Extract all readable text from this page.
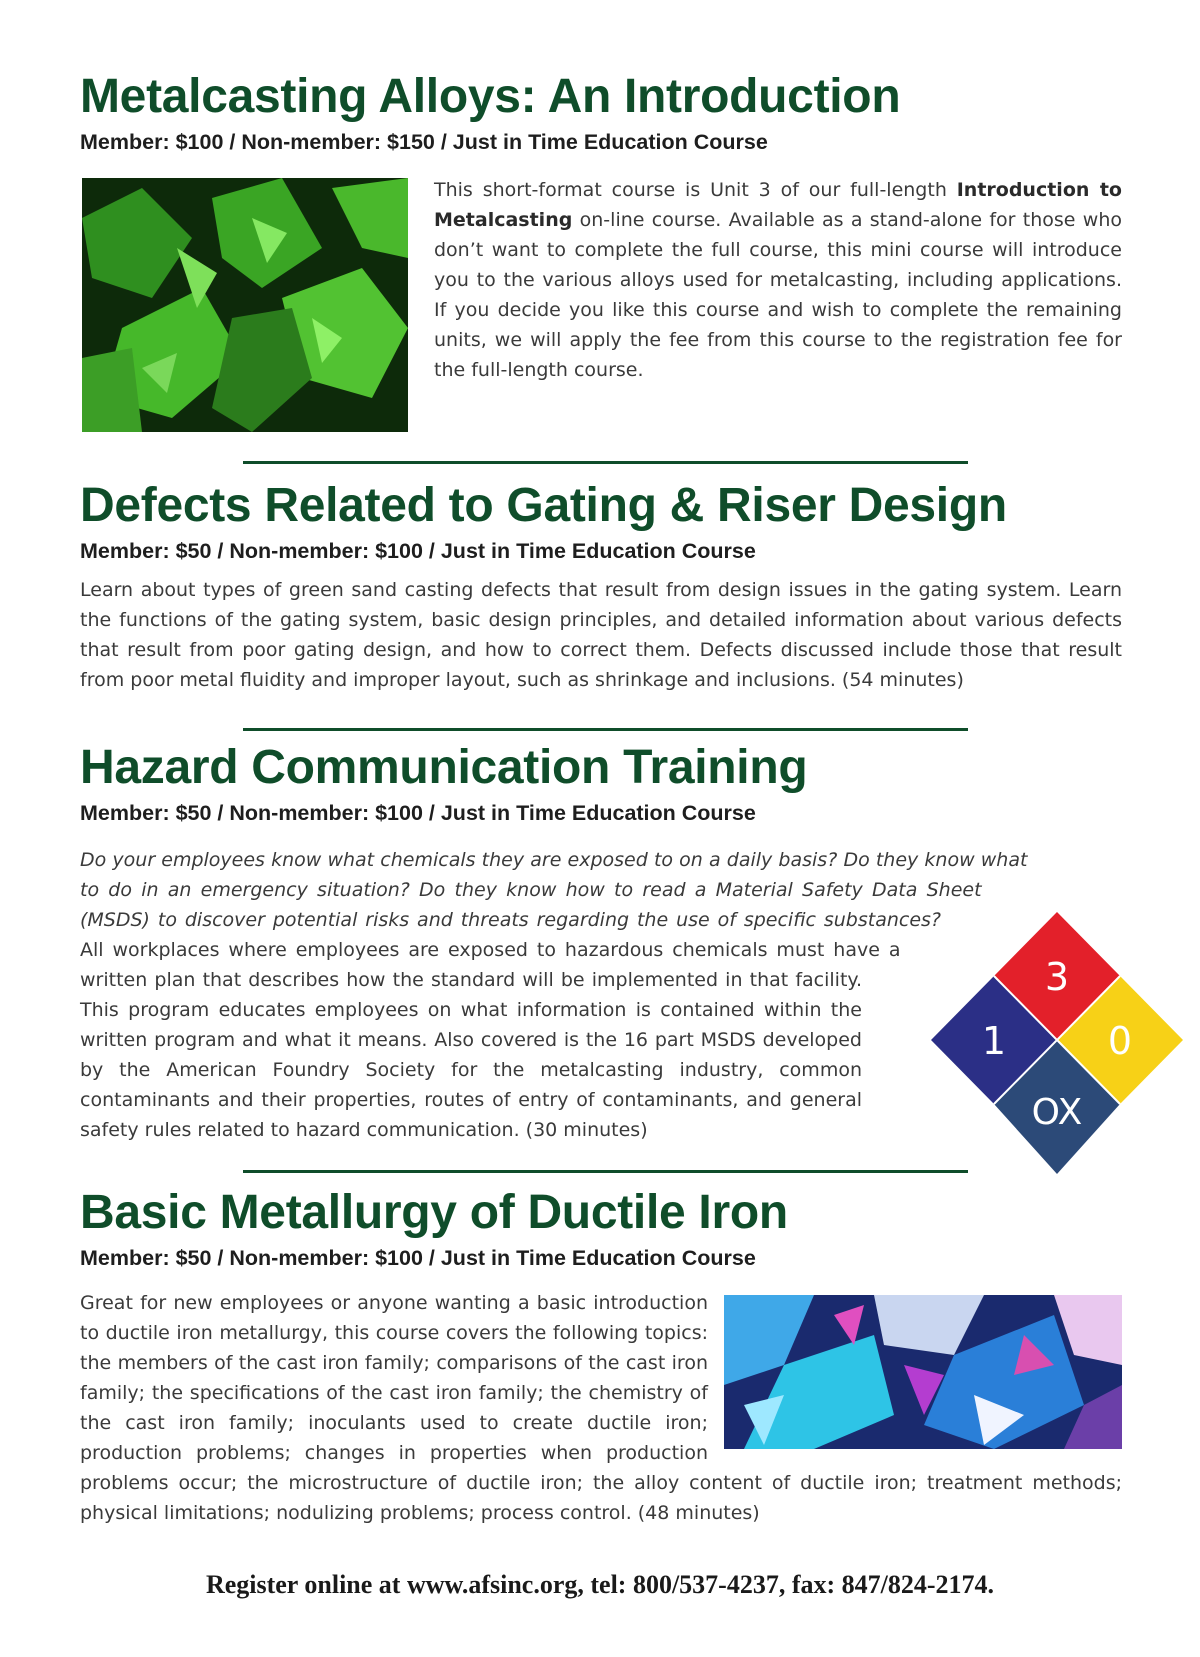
Metalcasting Alloys: An Introduction
Member: $100 / Non-member: $150 / Just in Time Education Course
This short-format course is Unit 3 of our full-length Introduction to Metalcasting on-line course. Available as a stand-alone for those who don’t want to complete the full course, this mini course will introduce you to the various alloys used for metalcasting, including applications. If you decide you like this course and wish to complete the remaining units, we will apply the fee from this course to the registration fee for the full-length course.
Defects Related to Gating & Riser Design
Member: $50 / Non-member: $100 / Just in Time Education Course
Learn about types of green sand casting defects that result from design issues in the gating system. Learn the functions of the gating system, basic design principles, and detailed information about various defects that result from poor gating design, and how to correct them. Defects discussed include those that result from poor metal fluidity and improper layout, such as shrinkage and inclusions. (54 minutes)
Hazard Communication Training
Member: $50 / Non-member: $100 / Just in Time Education Course
Do your employees know what chemicals they are exposed to on a daily basis? Do they know what to do in an emergency situation? Do they know how to read a Material Safety Data Sheet (MSDS) to discover potential risks and threats regarding the use of specific substances? All workplaces where employees are exposed to hazardous chemicals must have a written plan that describes how the standard will be implemented in that facility. This program educates employees on what information is contained within the written program and what it means. Also covered is the 16 part MSDS developed by the American Foundry Society for the metalcasting industry, common contaminants and their properties, routes of entry of contaminants, and general safety rules related to hazard communication. (30 minutes)
3
1	0
OX
Basic Metallurgy of Ductile Iron
Member: $50 / Non-member: $100 / Just in Time Education Course
Great for new employees or anyone wanting a basic introduction to ductile iron metallurgy, this course covers the following topics: the members of the cast iron family; comparisons of the cast iron family; the specifications of the cast iron family; the chemistry of the cast iron family; inoculants used to create ductile iron; production problems; changes in properties when production problems occur; the microstructure of ductile iron; the alloy content of ductile iron; treatment methods; physical limitations; nodulizing problems; process control. (48 minutes)
Register online at www.afsinc.org, tel: 800/537-4237, fax: 847/824-2174.
